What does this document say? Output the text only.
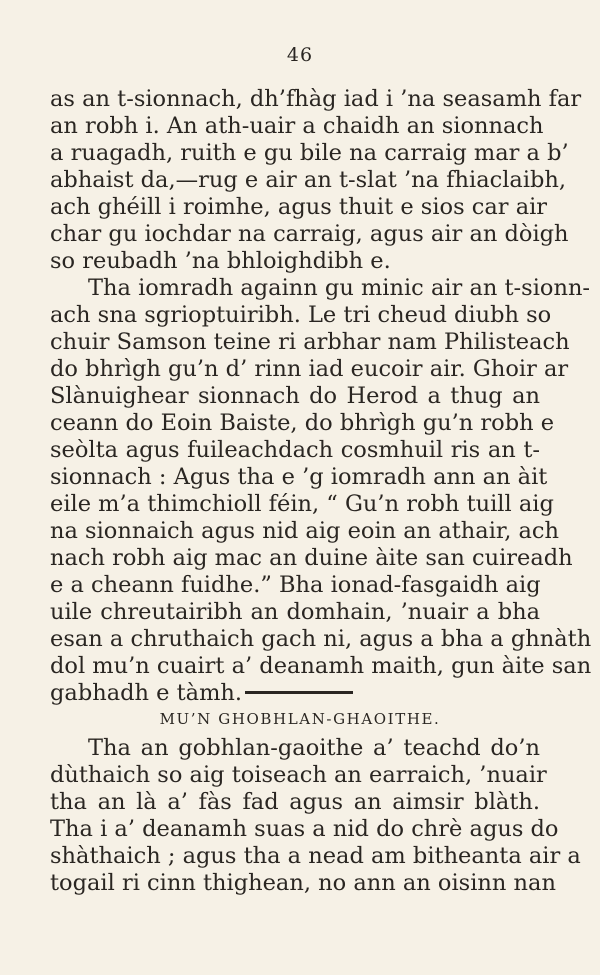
46
as an t-sionnach, dh’fhàg iad i ’na seasamh far
an robh i. An ath-uair a chaidh an sionnach
a ruagadh, ruith e gu bile na carraig mar a b’
abhaist da,—rug e air an t-slat ’na fhiaclaibh,
ach ghéill i roimhe, agus thuit e sios car air
char gu iochdar na carraig, agus air an dòigh
so reubadh ’na bhloighdibh e.
Tha iomradh againn gu minic air an t-sionn-
ach sna sgrioptuiribh. Le tri cheud diubh so
chuir Samson teine ri arbhar nam Philisteach
do bhrìgh gu’n d’ rinn iad eucoir air. Ghoir ar
Slànuighear sionnach do Herod a thug an
ceann do Eoin Baiste, do bhrìgh gu’n robh e
seòlta agus fuileachdach cosmhuil ris an t-
sionnach : Agus tha e ’g iomradh ann an àit
eile m’a thimchioll féin, “ Gu’n robh tuill aig
na sionnaich agus nid aig eoin an athair, ach
nach robh aig mac an duine àite san cuireadh
e a cheann fuidhe.” Bha ionad-fasgaidh aig
uile chreutairibh an domhain, ’nuair a bha
esan a chruthaich gach ni, agus a bha a ghnàth
dol mu’n cuairt a’ deanamh maith, gun àite san
gabhadh e tàmh.
MU’N GHOBHLAN-GHAOITHE.
Tha an gobhlan-gaoithe a’ teachd do’n
dùthaich so aig toiseach an earraich, ’nuair
tha an là a’ fàs fad agus an aimsir blàth.
Tha i a’ deanamh suas a nid do chrè agus do
shàthaich ; agus tha a nead am bitheanta air a
togail ri cinn thighean, no ann an oisinn nan
